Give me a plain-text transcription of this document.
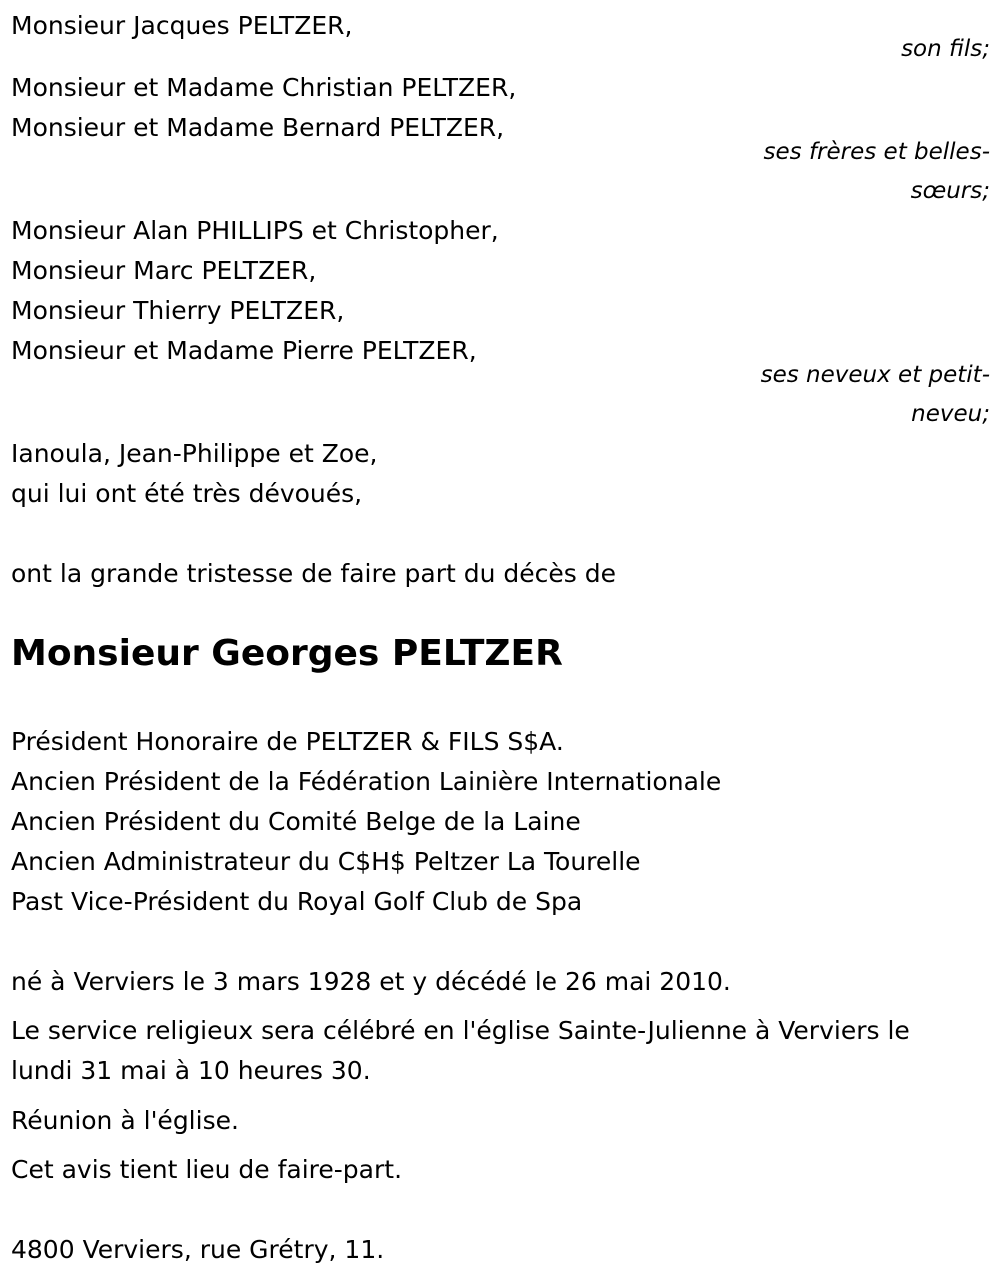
Monsieur Jacques PELTZER,
son fils;
Monsieur et Madame Christian PELTZER,
Monsieur et Madame Bernard PELTZER,
ses frères et belles-
sœurs;
Monsieur Alan PHILLIPS et Christopher,
Monsieur Marc PELTZER,
Monsieur Thierry PELTZER,
Monsieur et Madame Pierre PELTZER,
ses neveux et petit-
neveu;
Ianoula, Jean-Philippe et Zoe,
qui lui ont été très dévoués,
ont la grande tristesse de faire part du décès de
Monsieur Georges PELTZER
Président Honoraire de PELTZER & FILS S$A.
Ancien Président de la Fédération Lainière Internationale
Ancien Président du Comité Belge de la Laine
Ancien Administrateur du C$H$ Peltzer La Tourelle
Past Vice-Président du Royal Golf Club de Spa
né à Verviers le 3 mars 1928 et y décédé le 26 mai 2010.
Le service religieux sera célébré en l'église Sainte-Julienne à Verviers le
lundi 31 mai à 10 heures 30.
Réunion à l'église.
Cet avis tient lieu de faire-part.
4800 Verviers, rue Grétry, 11.
